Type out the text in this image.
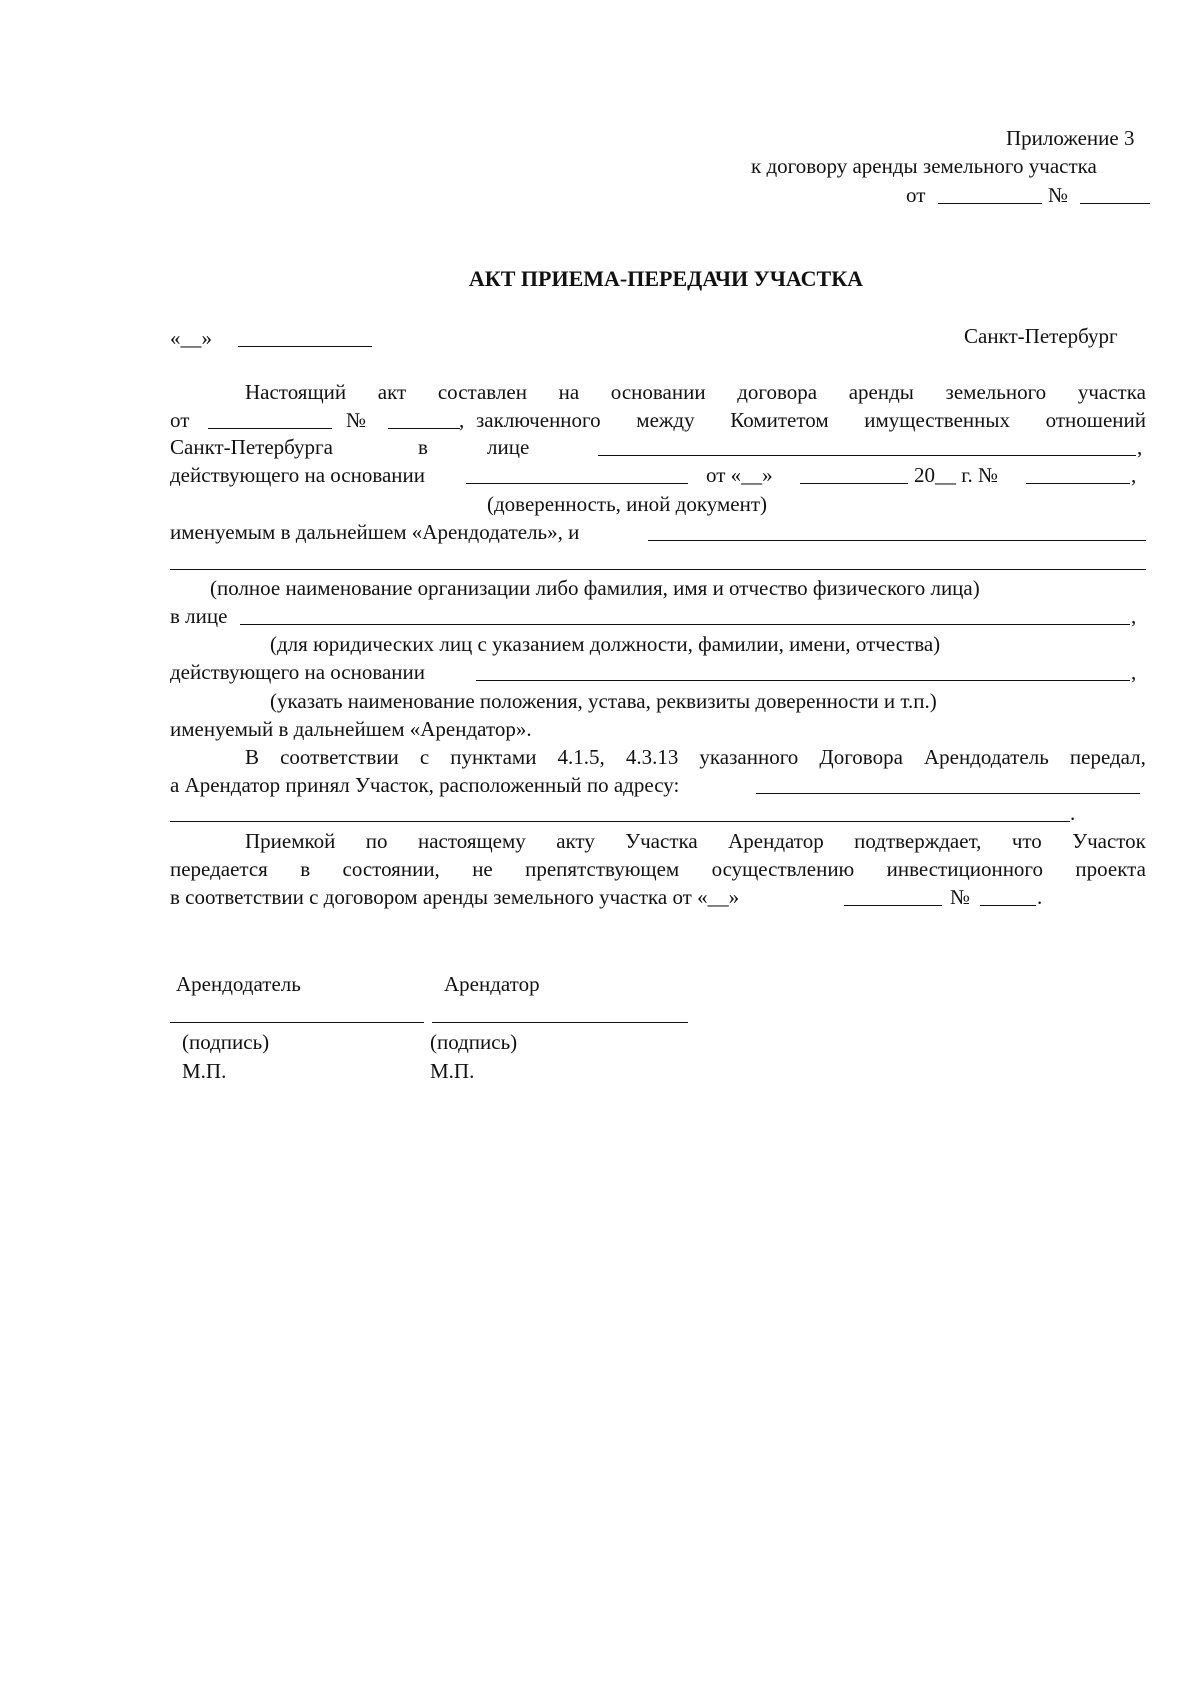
Приложение 3
к договору аренды земельного участка
от	№
АКТ ПРИЕМА-ПЕРЕДАЧИ УЧАСТКА
«__»	Санкт-Петербург
Настоящий акт составлен на основании договора аренды земельного участка
от	№	, заключенного между Комитетом имущественных отношений
Санкт-Петербурга	в	лице	,
действующего на основании	от «__»	20__ г. №	,
(доверенность, иной документ)
именуемым в дальнейшем «Арендодатель», и
(полное наименование организации либо фамилия, имя и отчество физического лица)
в лице	,
(для юридических лиц с указанием должности, фамилии, имени, отчества)
действующего на основании	,
(указать наименование положения, устава, реквизиты доверенности и т.п.)
именуемый в дальнейшем «Арендатор».
В соответствии с пунктами 4.1.5, 4.3.13 указанного Договора Арендодатель передал,
а Арендатор принял Участок, расположенный по адресу:
.
Приемкой по настоящему акту Участка Арендатор подтверждает, что Участок
передается в состоянии, не препятствующем осуществлению инвестиционного проекта
в соответствии с договором аренды земельного участка от «__»	№	.
Арендодатель	Арендатор
(подпись)	(подпись)
М.П.	М.П.
